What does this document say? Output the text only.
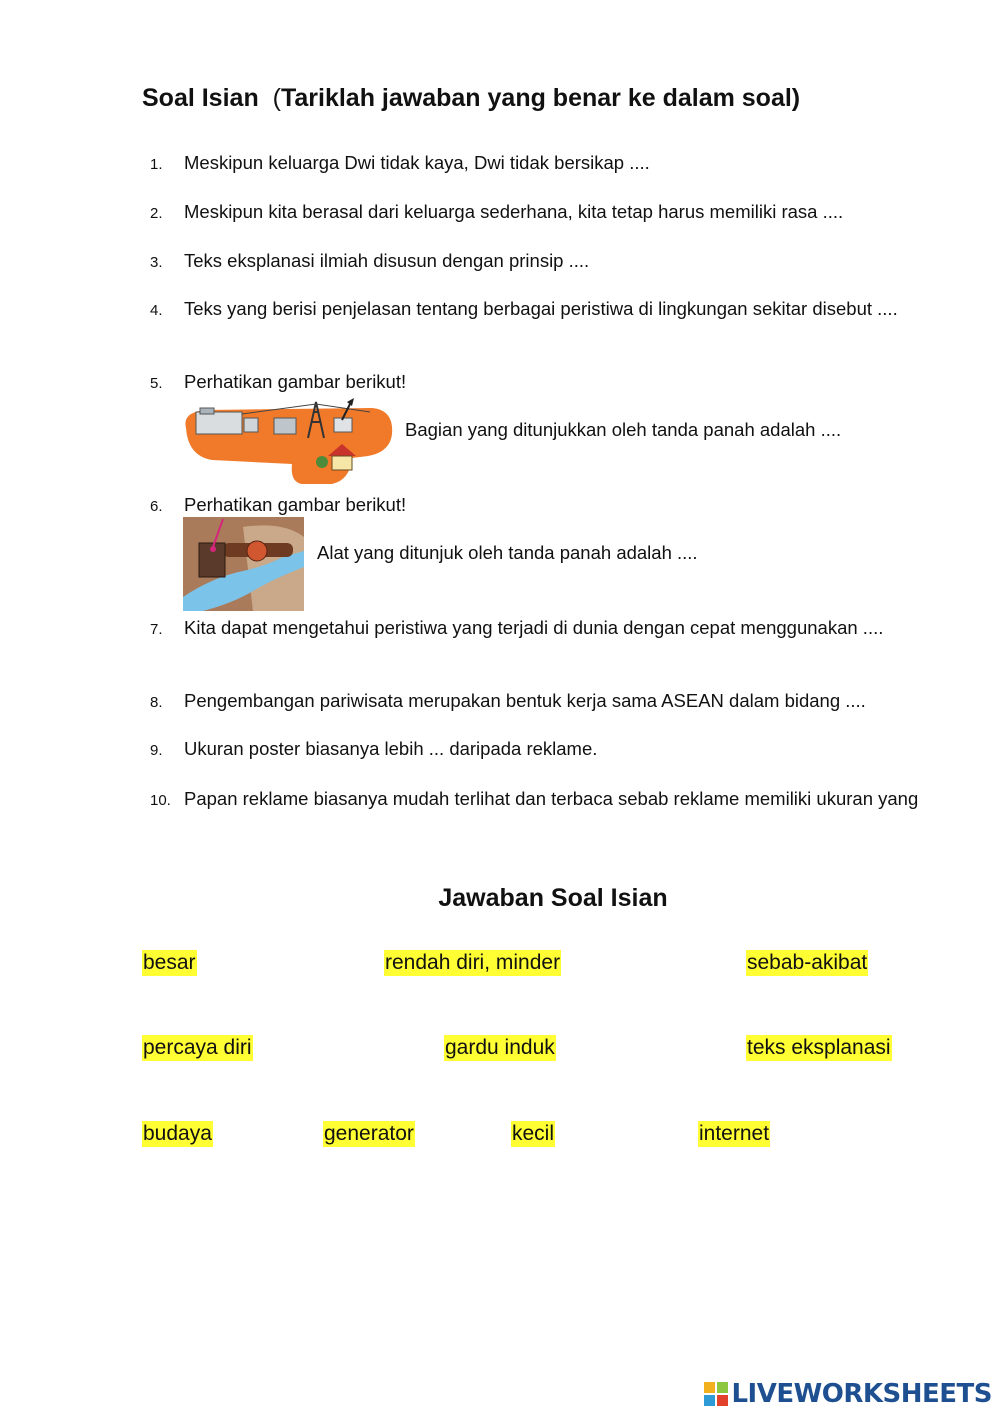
Soal Isian (Tariklah jawaban yang benar ke dalam soal)
1.	Meskipun keluarga Dwi tidak kaya, Dwi tidak bersikap ....
2.	Meskipun kita berasal dari keluarga sederhana, kita tetap harus memiliki rasa ....
3.	Teks eksplanasi ilmiah disusun dengan prinsip ....
4.	Teks yang berisi penjelasan tentang berbagai peristiwa di lingkungan sekitar disebut ....
5.	Perhatikan gambar berikut!
Bagian yang ditunjukkan oleh tanda panah adalah ....
6.	Perhatikan gambar berikut!
Alat yang ditunjuk oleh tanda panah adalah ....
7.	Kita dapat mengetahui peristiwa yang terjadi di dunia dengan cepat menggunakan ....
8.	Pengembangan pariwisata merupakan bentuk kerja sama ASEAN dalam bidang ....
9.	Ukuran poster biasanya lebih ... daripada reklame.
10. Papan reklame biasanya mudah terlihat dan terbaca sebab reklame memiliki ukuran yang
Jawaban Soal Isian
besar	rendah diri, minder	sebab-akibat
percaya diri	gardu induk	teks eksplanasi
budaya	generator	kecil	internet
LIVEWORKSHEETS
